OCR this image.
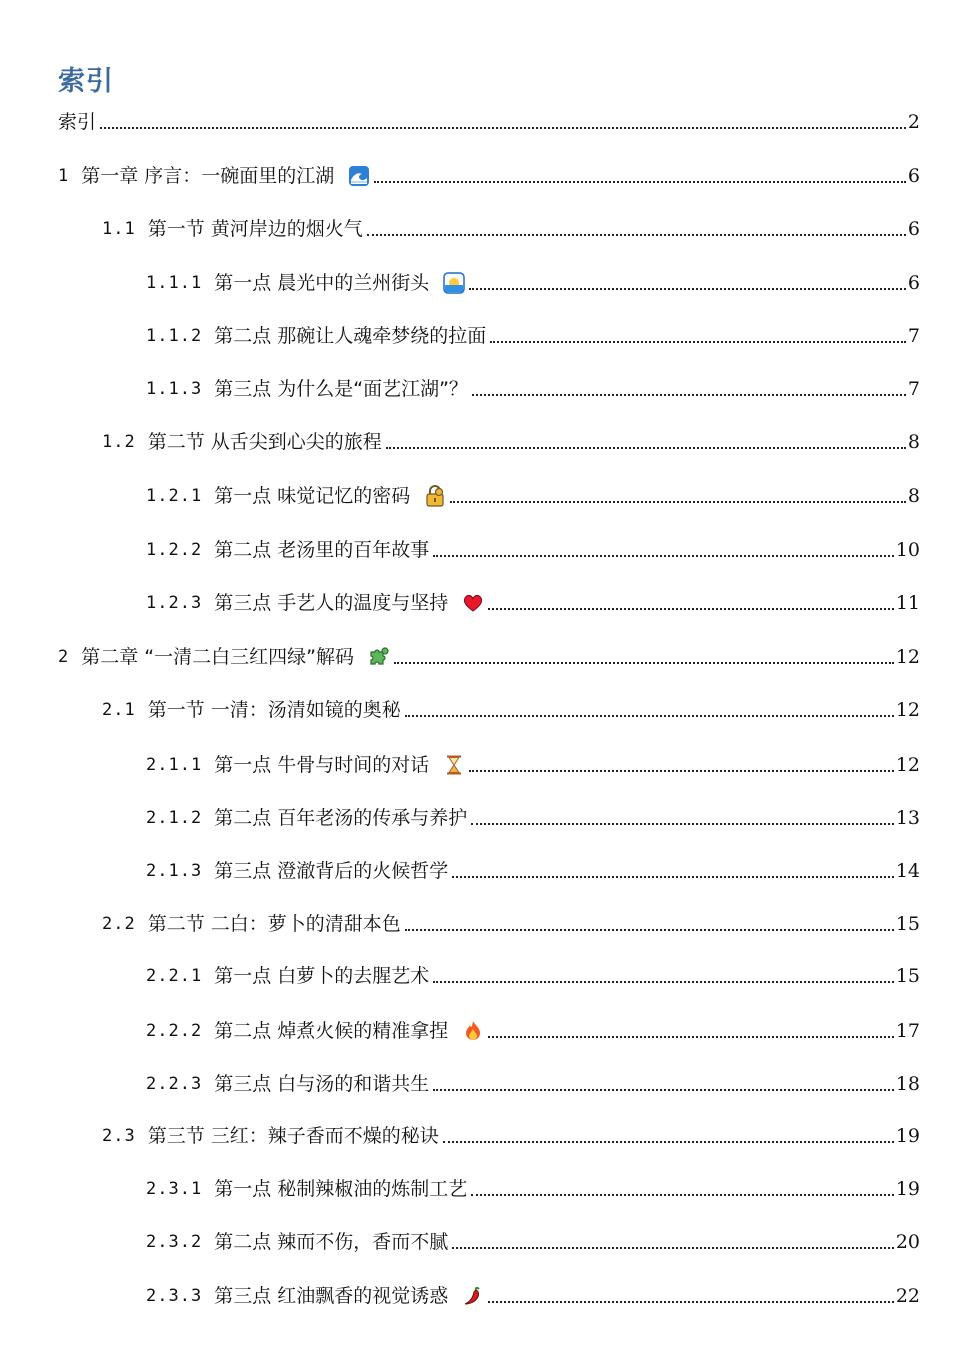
索引
索引	2
1 第一章 序言：一碗面里的江湖	6
1.1 第一节 黄河岸边的烟火气	6
1.1.1 第一点 晨光中的兰州街头	6
1.1.2 第二点 那碗让人魂牵梦绕的拉面	7
1.1.3 第三点 为什么是“面艺江湖”？	7
1.2 第二节 从舌尖到心尖的旅程	8
1.2.1 第一点 味觉记忆的密码	8
1.2.2 第二点 老汤里的百年故事	10
1.2.3 第三点 手艺人的温度与坚持	11
2 第二章 “一清二白三红四绿”解码	12
2.1 第一节 一清：汤清如镜的奥秘	12
2.1.1 第一点 牛骨与时间的对话	12
2.1.2 第二点 百年老汤的传承与养护	13
2.1.3 第三点 澄澈背后的火候哲学	14
2.2 第二节 二白：萝卜的清甜本色	15
2.2.1 第一点 白萝卜的去腥艺术	15
2.2.2 第二点 焯煮火候的精准拿捏	17
2.2.3 第三点 白与汤的和谐共生	18
2.3 第三节 三红：辣子香而不燥的秘诀	19
2.3.1 第一点 秘制辣椒油的炼制工艺	19
2.3.2 第二点 辣而不伤，香而不腻	20
2.3.3 第三点 红油飘香的视觉诱惑	22
